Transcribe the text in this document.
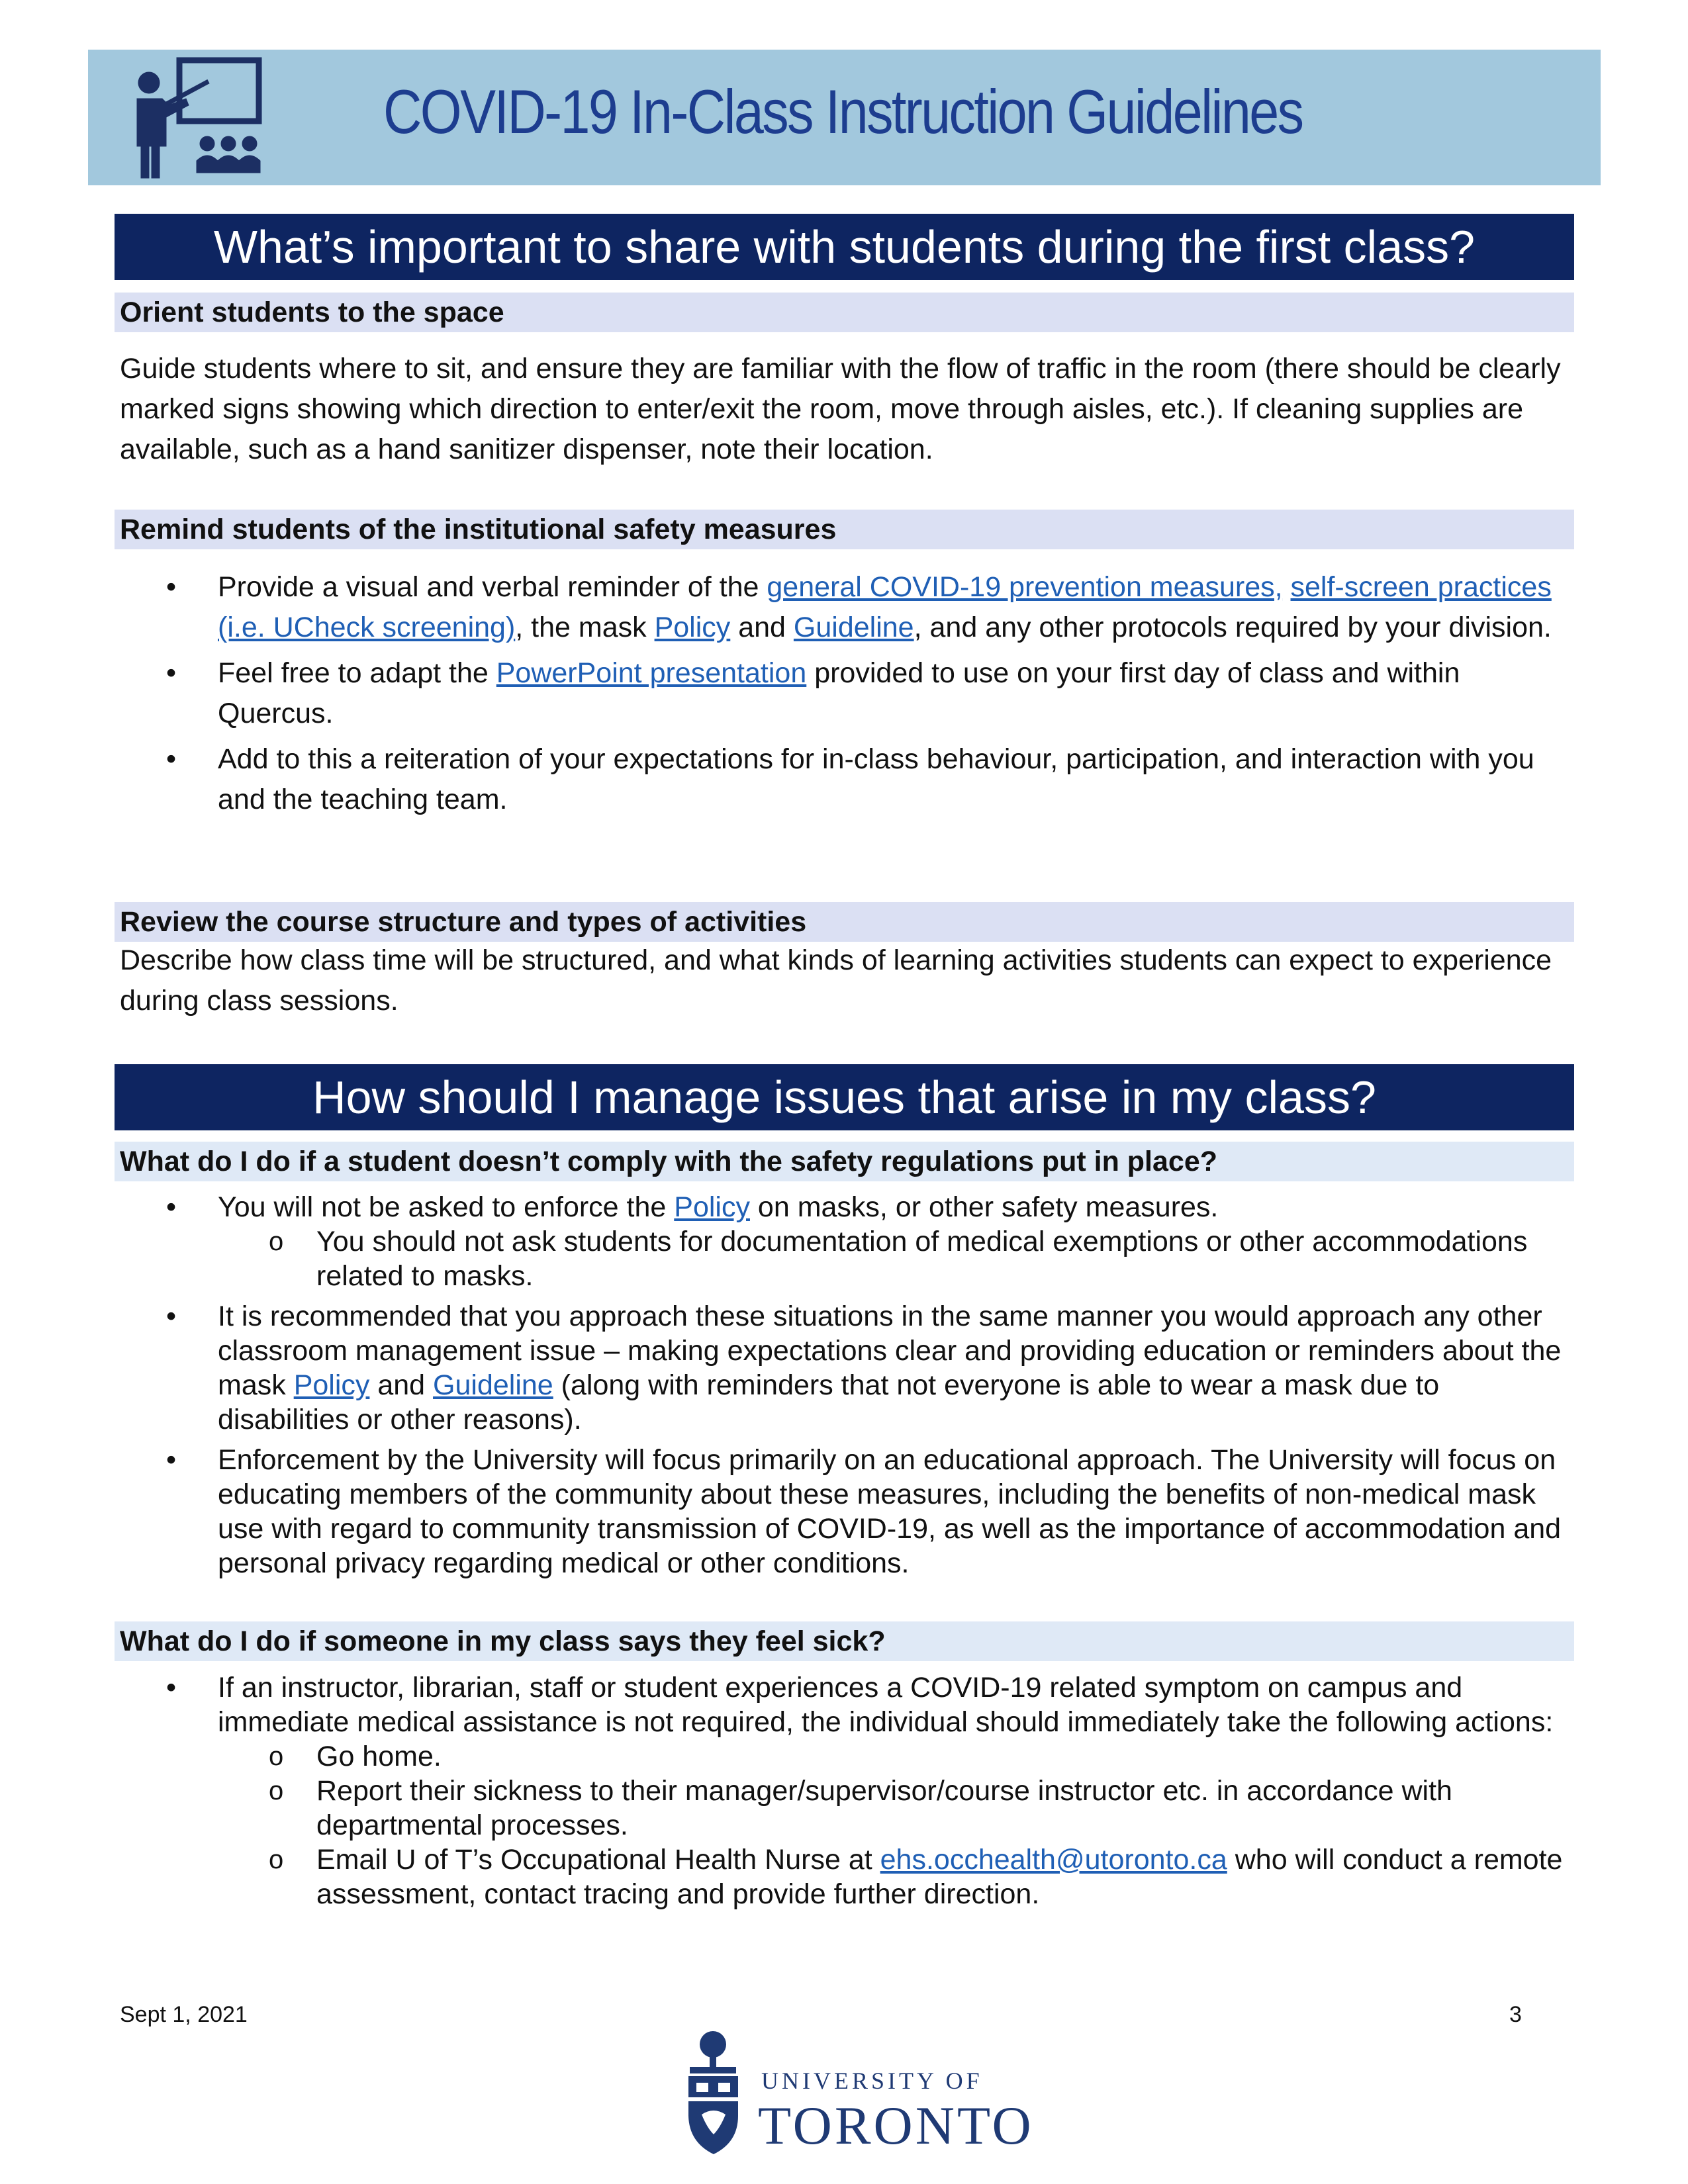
COVID-19 In-Class Instruction Guidelines
What’s important to share with students during the first class?
Orient students to the space
Guide students where to sit, and ensure they are familiar with the flow of traffic in the room (there should be clearly marked signs showing which direction to enter/exit the room, move through aisles, etc.). If cleaning supplies are available, such as a hand sanitizer dispenser, note their location.
Remind students of the institutional safety measures
• Provide a visual and verbal reminder of the general COVID-19 prevention measures, self-screen practices (i.e. UCheck screening), the mask Policy and Guideline, and any other protocols required by your division.
• Feel free to adapt the PowerPoint presentation provided to use on your first day of class and within Quercus.
• Add to this a reiteration of your expectations for in-class behaviour, participation, and interaction with you and the teaching team.
Review the course structure and types of activities
Describe how class time will be structured, and what kinds of learning activities students can expect to experience during class sessions.
How should I manage issues that arise in my class?
What do I do if a student doesn’t comply with the safety regulations put in place?
• You will not be asked to enforce the Policy on masks, or other safety measures.
o You should not ask students for documentation of medical exemptions or other accommodations related to masks.
• It is recommended that you approach these situations in the same manner you would approach any other classroom management issue – making expectations clear and providing education or reminders about the mask Policy and Guideline (along with reminders that not everyone is able to wear a mask due to disabilities or other reasons).
• Enforcement by the University will focus primarily on an educational approach. The University will focus on educating members of the community about these measures, including the benefits of non-medical mask use with regard to community transmission of COVID-19, as well as the importance of accommodation and personal privacy regarding medical or other conditions.
What do I do if someone in my class says they feel sick?
• If an instructor, librarian, staff or student experiences a COVID-19 related symptom on campus and immediate medical assistance is not required, the individual should immediately take the following actions:
o Go home.
o Report their sickness to their manager/supervisor/course instructor etc. in accordance with departmental processes.
o Email U of T’s Occupational Health Nurse at ehs.occhealth@utoronto.ca who will conduct a remote assessment, contact tracing and provide further direction.
Sept 1, 2021	3
UNIVERSITY OF
TORONTO
